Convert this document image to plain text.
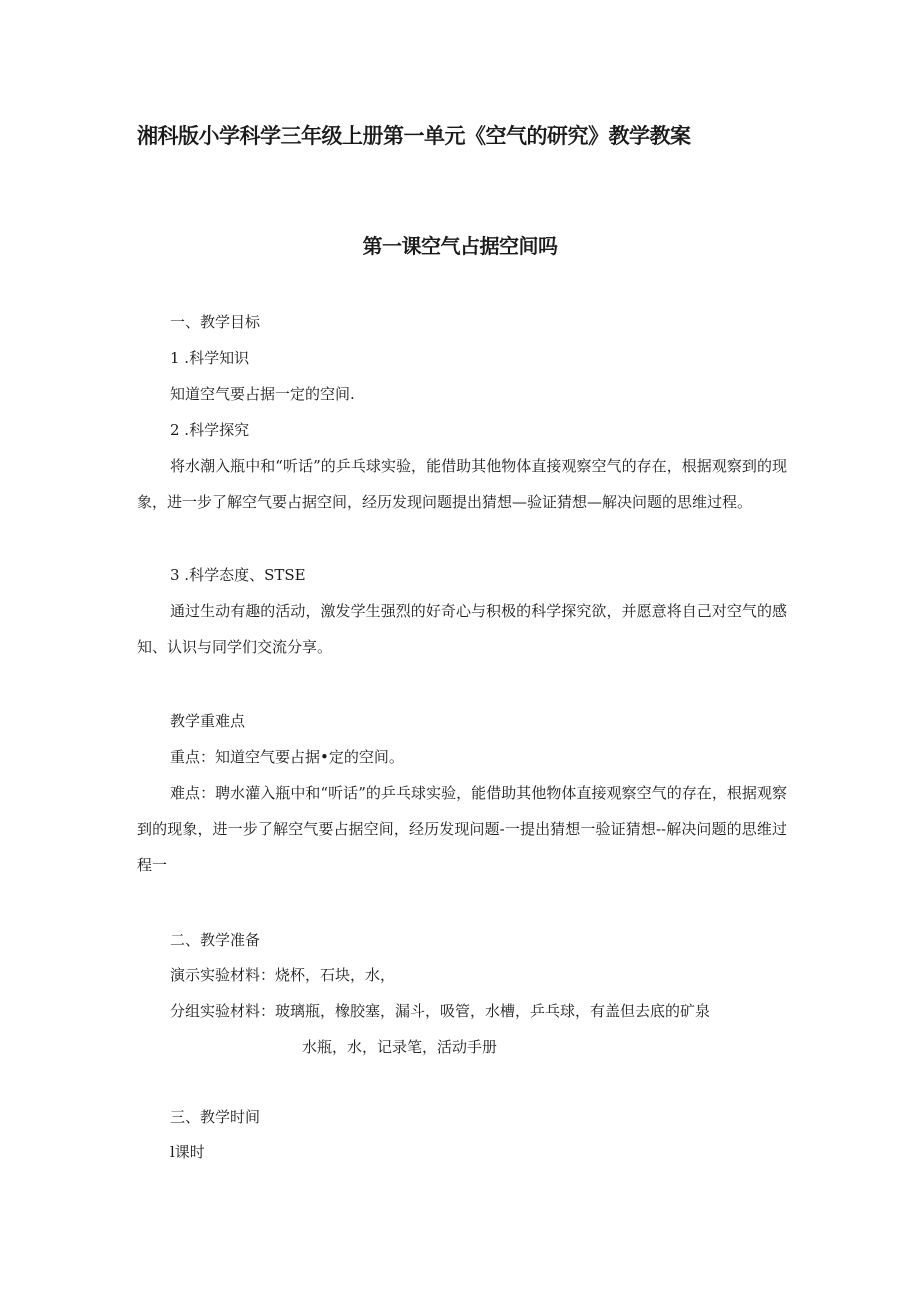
湘科版小学科学三年级上册第一单元《空气的研究》教学教案
第一课空气占据空间吗

一、教学目标

1 .科学知识

知道空气要占据一定的空间.

2 .科学探究

将水潮入瓶中和“听话”的乒乓球实验，能借助其他物体直接观察空气的存在，根据观察到的现象，进一步了解空气要占据空间，经历发现问题提出猜想—验证猜想—解决问题的思维过程。

3 .科学态度、STSE

通过生动有趣的活动，激发学生强烈的好奇心与积极的科学探究欲，并愿意将自己对空气的感知、认识与同学们交流分享。

教学重难点

重点：知道空气要占据•定的空间。

难点：聘水灌入瓶中和“听话”的乒乓球实验，能借助其他物体直接观察空气的存在，根据观察到的现象，进一步了解空气要占据空间，经历发现问题-一提出猜想一验证猜想--解决问题的思维过程一

二、教学准备

演示实验材料：烧杯，石块，水，

分组实验材料：玻璃瓶，橡胶塞，漏斗，吸管，水槽，乒乓球，有盖但去底的矿泉
水瓶，水，记录笔，活动手册

三、教学时间

l课时
